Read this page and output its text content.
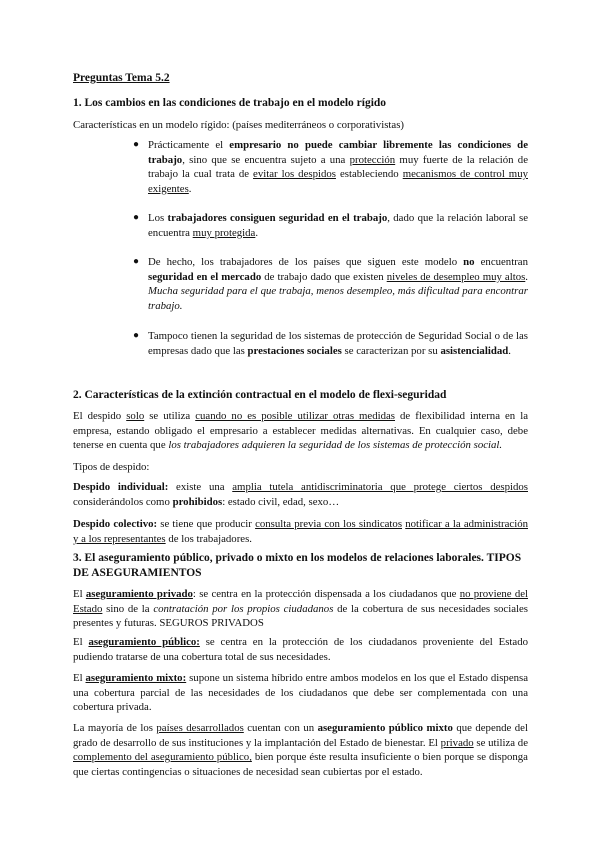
Preguntas Tema 5.2
1. Los cambios en las condiciones de trabajo en el modelo rígido
Características en un modelo rígido: (países mediterráneos o corporativistas)
● Prácticamente el empresario no puede cambiar libremente las condiciones de trabajo, sino que se encuentra sujeto a una protección muy fuerte de la relación de trabajo la cual trata de evitar los despidos estableciendo mecanismos de control muy exigentes.
● Los trabajadores consiguen seguridad en el trabajo, dado que la relación laboral se encuentra muy protegida.
● De hecho, los trabajadores de los países que siguen este modelo no encuentran seguridad en el mercado de trabajo dado que existen niveles de desempleo muy altos. Mucha seguridad para el que trabaja, menos desempleo, más dificultad para encontrar trabajo.
● Tampoco tienen la seguridad de los sistemas de protección de Seguridad Social o de las empresas dado que las prestaciones sociales se caracterizan por su asistencialidad.
2. Características de la extinción contractual en el modelo de flexi-seguridad
El despido solo se utiliza cuando no es posible utilizar otras medidas de flexibilidad interna en la empresa, estando obligado el empresario a establecer medidas alternativas. En cualquier caso, debe tenerse en cuenta que los trabajadores adquieren la seguridad de los sistemas de protección social.
Tipos de despido:
Despido individual: existe una amplia tutela antidiscriminatoria que protege ciertos despidos considerándolos como prohibidos: estado civil, edad, sexo…
Despido colectivo: se tiene que producir consulta previa con los sindicatos notificar a la administración y a los representantes de los trabajadores.
3. El aseguramiento público, privado o mixto en los modelos de relaciones laborales. TIPOS DE ASEGURAMIENTOS
El aseguramiento privado: se centra en la protección dispensada a los ciudadanos que no proviene del Estado sino de la contratación por los propios ciudadanos de la cobertura de sus necesidades sociales presentes y futuras. SEGUROS PRIVADOS
El aseguramiento público: se centra en la protección de los ciudadanos proveniente del Estado pudiendo tratarse de una cobertura total de sus necesidades.
El aseguramiento mixto: supone un sistema híbrido entre ambos modelos en los que el Estado dispensa una cobertura parcial de las necesidades de los ciudadanos que debe ser complementada con una cobertura privada.
La mayoría de los países desarrollados cuentan con un aseguramiento público mixto que depende del grado de desarrollo de sus instituciones y la implantación del Estado de bienestar. El privado se utiliza de complemento del aseguramiento público, bien porque éste resulta insuficiente o bien porque se disponga que ciertas contingencias o situaciones de necesidad sean cubiertas por el estado.
